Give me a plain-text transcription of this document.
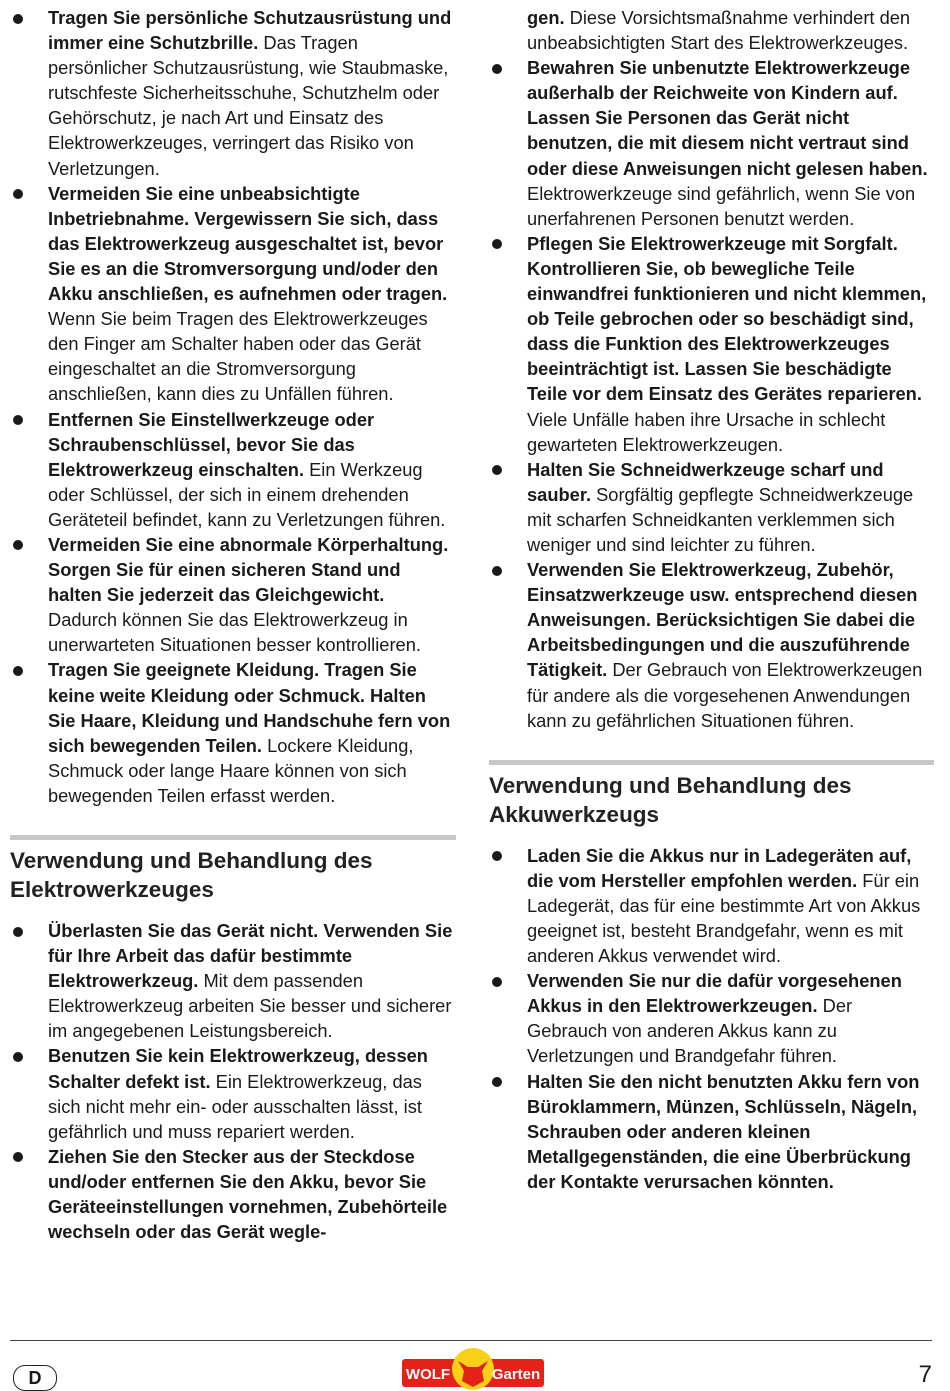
Tragen Sie persönliche Schutzausrüstung und immer eine Schutzbrille. Das Tragen persönlicher Schutzausrüstung, wie Staubmaske, rutschfeste Sicherheitsschuhe, Schutzhelm oder Gehörschutz, je nach Art und Einsatz des Elektrowerkzeuges, verringert das Risiko von Verletzungen.
Vermeiden Sie eine unbeabsichtigte Inbetriebnahme. Vergewissern Sie sich, dass das Elektrowerkzeug ausgeschaltet ist, bevor Sie es an die Stromversorgung und/oder den Akku anschließen, es aufnehmen oder tragen. Wenn Sie beim Tragen des Elektrowerkzeuges den Finger am Schalter haben oder das Gerät eingeschaltet an die Stromversorgung anschließen, kann dies zu Unfällen führen.
Entfernen Sie Einstellwerkzeuge oder Schraubenschlüssel, bevor Sie das Elektrowerkzeug einschalten. Ein Werkzeug oder Schlüssel, der sich in einem drehenden Geräteteil befindet, kann zu Verletzungen führen.
Vermeiden Sie eine abnormale Körperhaltung. Sorgen Sie für einen sicheren Stand und halten Sie jederzeit das Gleichgewicht. Dadurch können Sie das Elektrowerkzeug in unerwarteten Situationen besser kontrollieren.
Tragen Sie geeignete Kleidung. Tragen Sie keine weite Kleidung oder Schmuck. Halten Sie Haare, Kleidung und Handschuhe fern von sich bewegenden Teilen. Lockere Kleidung, Schmuck oder lange Haare können von sich bewegenden Teilen erfasst werden.
Verwendung und Behandlung des Elektrowerkzeuges
Überlasten Sie das Gerät nicht. Verwenden Sie für Ihre Arbeit das dafür bestimmte Elektrowerkzeug. Mit dem passenden Elektrowerkzeug arbeiten Sie besser und sicherer im angegebenen Leistungsbereich.
Benutzen Sie kein Elektrowerkzeug, dessen Schalter defekt ist. Ein Elektrowerkzeug, das sich nicht mehr ein- oder ausschalten lässt, ist gefährlich und muss repariert werden.
Ziehen Sie den Stecker aus der Steckdose und/oder entfernen Sie den Akku, bevor Sie Geräteeinstellungen vornehmen, Zubehörteile wechseln oder das Gerät wegle-
gen. Diese Vorsichtsmaßnahme verhindert den unbeabsichtigten Start des Elektrowerkzeuges.
Bewahren Sie unbenutzte Elektrowerkzeuge außerhalb der Reichweite von Kindern auf. Lassen Sie Personen das Gerät nicht benutzen, die mit diesem nicht vertraut sind oder diese Anweisungen nicht gelesen haben. Elektrowerkzeuge sind gefährlich, wenn Sie von unerfahrenen Personen benutzt werden.
Pflegen Sie Elektrowerkzeuge mit Sorgfalt. Kontrollieren Sie, ob bewegliche Teile einwandfrei funktionieren und nicht klemmen, ob Teile gebrochen oder so beschädigt sind, dass die Funktion des Elektrowerkzeuges beeinträchtigt ist. Lassen Sie beschädigte Teile vor dem Einsatz des Gerätes reparieren. Viele Unfälle haben ihre Ursache in schlecht gewarteten Elektrowerkzeugen.
Halten Sie Schneidwerkzeuge scharf und sauber. Sorgfältig gepflegte Schneidwerkzeuge mit scharfen Schneidkanten verklemmen sich weniger und sind leichter zu führen.
Verwenden Sie Elektrowerkzeug, Zubehör, Einsatzwerkzeuge usw. entsprechend diesen Anweisungen. Berücksichtigen Sie dabei die Arbeitsbedingungen und die auszuführende Tätigkeit. Der Gebrauch von Elektrowerkzeugen für andere als die vorgesehenen Anwendungen kann zu gefährlichen Situationen führen.
Verwendung und Behandlung des Akkuwerkzeugs
Laden Sie die Akkus nur in Ladegeräten auf, die vom Hersteller empfohlen werden. Für ein Ladegerät, das für eine bestimmte Art von Akkus geeignet ist, besteht Brandgefahr, wenn es mit anderen Akkus verwendet wird.
Verwenden Sie nur die dafür vorgesehenen Akkus in den Elektrowerkzeugen. Der Gebrauch von anderen Akkus kann zu Verletzungen und Brandgefahr führen.
Halten Sie den nicht benutzten Akku fern von Büroklammern, Münzen, Schlüsseln, Nägeln, Schrauben oder anderen kleinen Metallgegenständen, die eine Überbrückung der Kontakte verursachen könnten.
D	WOLF	Garten	7
